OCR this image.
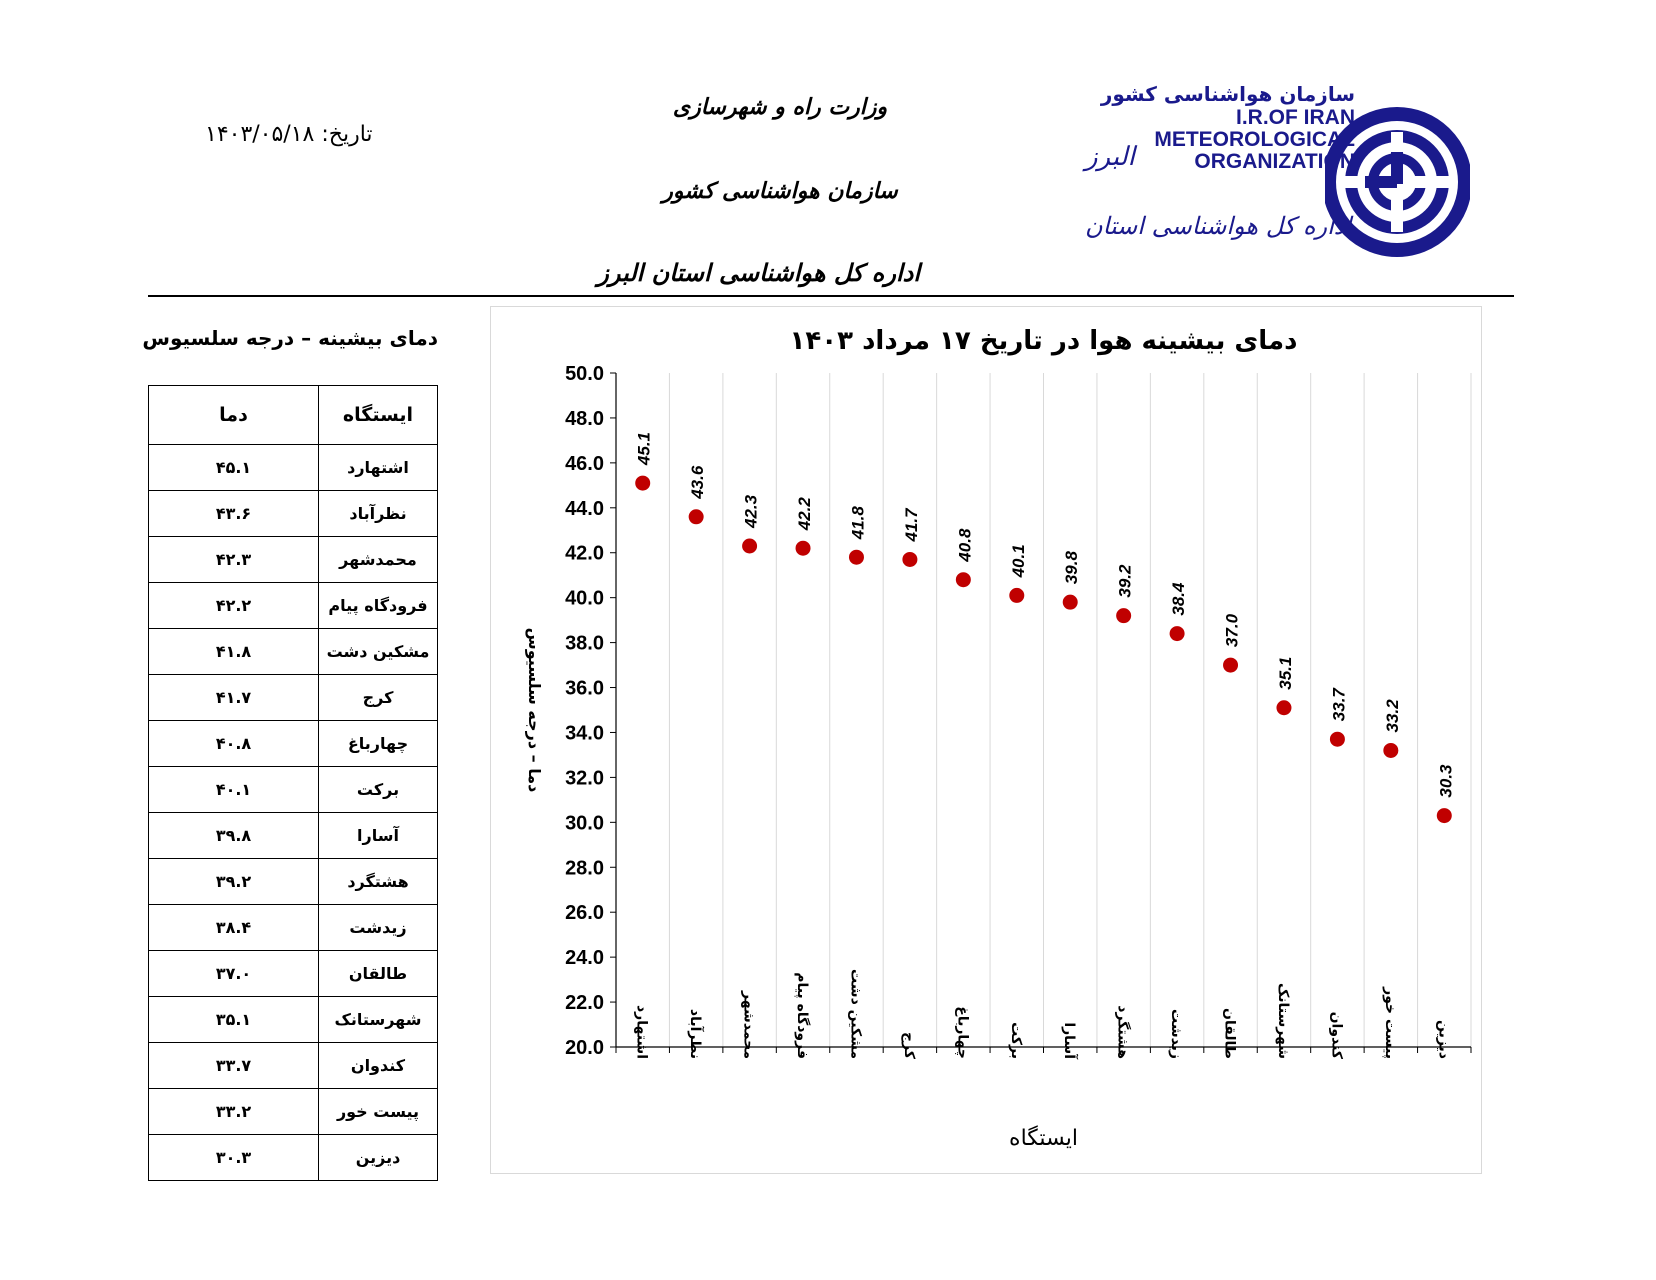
تاریخ: ۱۴۰۳/۰۵/۱۸
وزارت راه و شهرسازی
سازمان هواشناسی کشور
اداره کل هواشناسی استان البرز
سازمان هواشناسی کشور
I.R.OF IRAN
METEOROLOGICAL
ORGANIZATION
البرز
اداره کل هواشناسی استان
دمای بیشینه – درجه سلسیوس
ایستگاه	دما
اشتهارد	۴۵.۱
نظرآباد	۴۳.۶
محمدشهر	۴۲.۳
فرودگاه پیام	۴۲.۲
مشکین دشت	۴۱.۸
کرج	۴۱.۷
چهارباغ	۴۰.۸
برکت	۴۰.۱
آسارا	۳۹.۸
هشتگرد	۳۹.۲
زیدشت	۳۸.۴
طالقان	۳۷.۰
شهرستانک	۳۵.۱
کندوان	۳۳.۷
پیست خور	۳۳.۲
دیزین	۳۰.۳
دمای بیشینه هوا در تاریخ ۱۷ مرداد ۱۴۰۳
20.0
22.0
24.0
26.0
28.0
30.0
32.0
34.0
36.0
38.0
40.0
42.0
44.0
46.0
48.0
50.0
دما – درجه سلسیوس
اشتهارد	نظرآباد	محمدشهر	فرودگاه پیام	مشکین دشت	کرج	چهارباغ	برکت	آسارا	هشتگرد	زیدشت	طالقان	شهرستانک	کندوان	پیست خور	دیزین
ایستگاه
45.1
43.6
42.3 42.2 41.8 41.7
40.8 40.1 39.8 39.2
38.4
37.0
35.1
33.7 33.2
30.3
